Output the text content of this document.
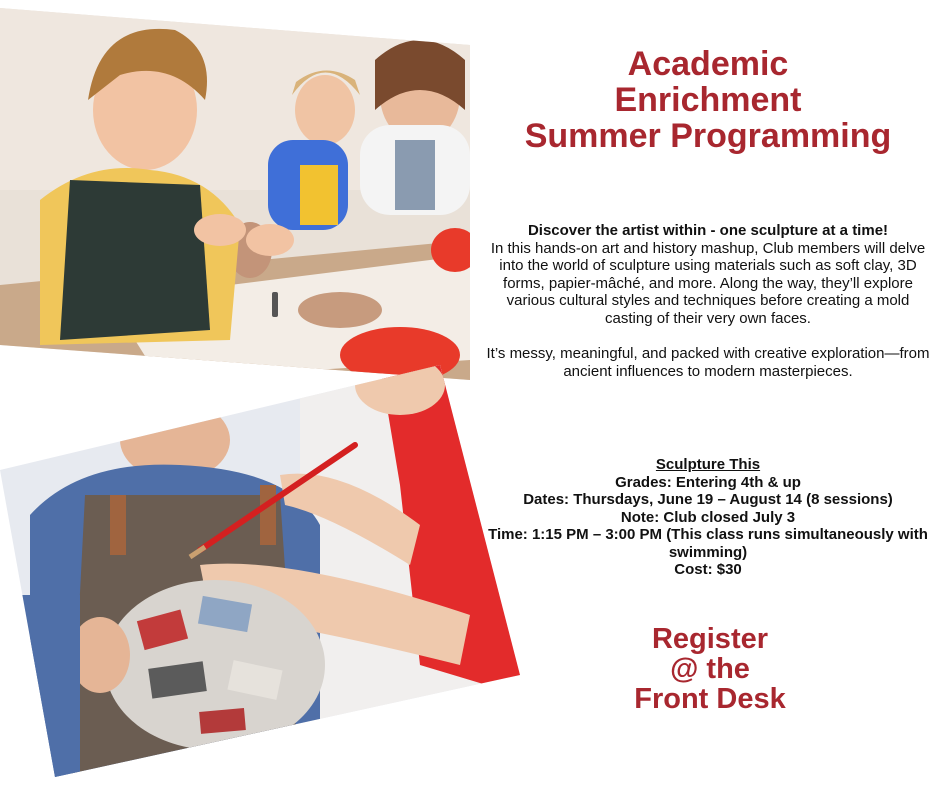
Academic
Enrichment
Summer Programming

Discover the artist within - one sculpture at a time!

In this hands-on art and history mashup, Club members will delve into the world of sculpture using materials such as soft clay, 3D forms, papier-mâché, and more. Along the way, they’ll explore various cultural styles and techniques before creating a mold casting of their very own faces.

It’s messy, meaningful, and packed with creative exploration—from ancient influences to modern masterpieces.

Sculpture This
Grades: Entering 4th & up
Dates: Thursdays, June 19 – August 14 (8 sessions)
Note: Club closed July 3
Time: 1:15 PM – 3:00 PM (This class runs simultaneously with swimming)
Cost: $30
Register
@ the
Front Desk
